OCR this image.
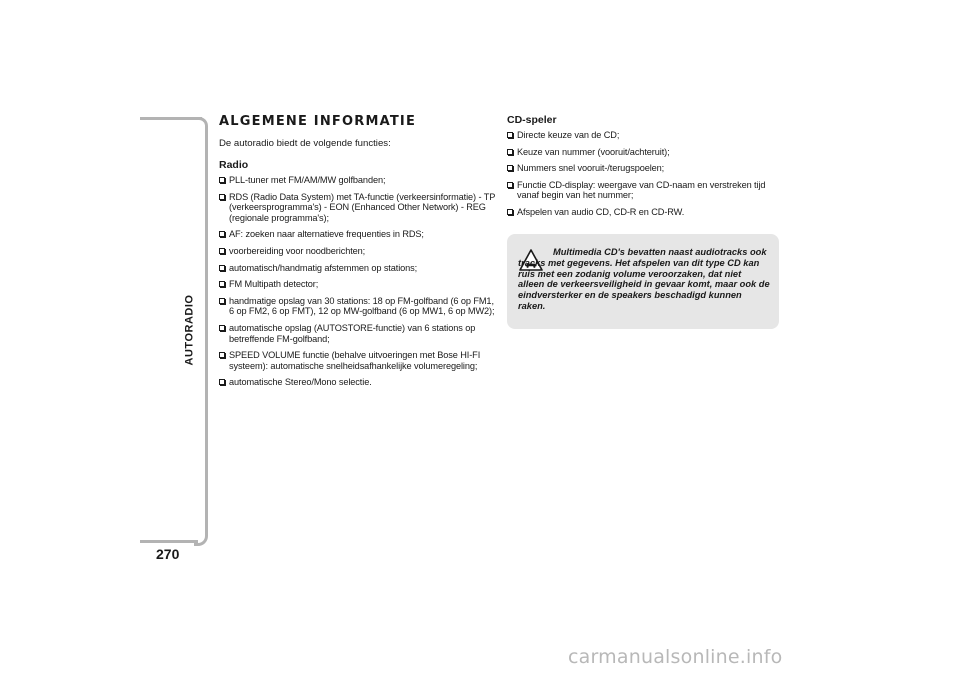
AUTORADIO
270
ALGEMENE INFORMATIE

De autoradio biedt de volgende functies:

Radio
PLL-tuner met FM/AM/MW golfbanden;
RDS (Radio Data System) met TA-functie (verkeersinformatie) - TP (verkeersprogramma's) - EON (Enhanced Other Network) - REG (regionale programma's);
AF: zoeken naar alternatieve frequenties in RDS;
voorbereiding voor noodberichten;
automatisch/handmatig afstemmen op stations;
FM Multipath detector;
handmatige opslag van 30 stations: 18 op FM-golfband (6 op FM1, 6 op FM2, 6 op FMT), 12 op MW-golfband (6 op MW1, 6 op MW2);
automatische opslag (AUTOSTORE-functie) van 6 stations op betreffende FM-golfband;
SPEED VOLUME functie (behalve uitvoeringen met Bose HI-FI systeem): automatische snelheidsafhankelijke volumeregeling;
automatische Stereo/Mono selectie.
CD-speler
Directe keuze van de CD;
Keuze van nummer (vooruit/achteruit);
Nummers snel vooruit-/terugspoelen;
Functie CD-display: weergave van CD-naam en verstreken tijd vanaf begin van het nummer;
Afspelen van audio CD, CD-R en CD-RW.
Multimedia CD's bevatten naast audiotracks ook tracks met gegevens. Het afspelen van dit type CD kan ruis met een zodanig volume veroorzaken, dat niet alleen de verkeersveiligheid in gevaar komt, maar ook de eindversterker en de speakers beschadigd kunnen raken.
carmanualsonline.info
